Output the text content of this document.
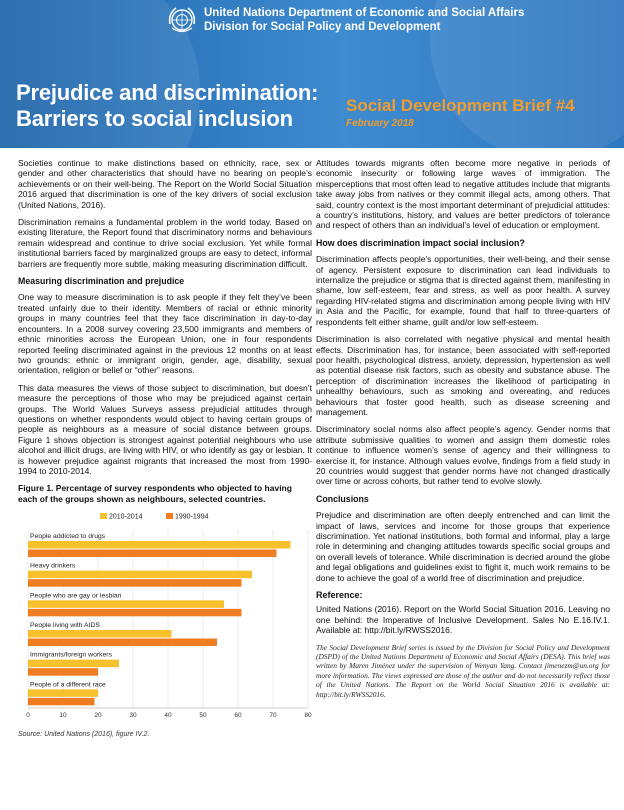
United Nations Department of Economic and Social Affairs
Division for Social Policy and Development
Prejudice and discrimination:
Barriers to social inclusion
Social Development Brief #4
February 2018

Societies continue to make distinctions based on ethnicity, race, sex or gender and other characteristics that should have no bearing on people’s achievements or on their well-being. The Report on the World Social Situation 2016 argued that discrimination is one of the key drivers of social exclusion (United Nations, 2016).

Discrimination remains a fundamental problem in the world today. Based on existing literature, the Report found that discriminatory norms and behaviours remain widespread and continue to drive social exclusion. Yet while formal institutional barriers faced by marginalized groups are easy to detect, informal barriers are frequently more subtle, making measuring discrimination difficult.

Measuring discrimination and prejudice

One way to measure discrimination is to ask people if they felt they’ve been treated unfairly due to their identity. Members of racial or ethnic minority groups in many countries feel that they face discrimination in day-to-day encounters. In a 2008 survey covering 23,500 immigrants and members of ethnic minorities across the European Union, one in four respondents reported feeling discriminated against in the previous 12 months on at least two grounds: ethnic or immigrant origin, gender, age, disability, sexual orientation, religion or belief or “other” reasons.

This data measures the views of those subject to discrimination, but doesn’t measure the perceptions of those who may be prejudiced against certain groups. The World Values Surveys assess prejudicial attitudes through questions on whether respondents would object to having certain groups of people as neighbours as a measure of social distance between groups. Figure 1 shows objection is strongest against potential neighbours who use alcohol and illicit drugs, are living with HIV, or who identify as gay or lesbian. It is however prejudice against migrants that increased the most from 1990-1994 to 2010-2014.

Figure 1. Percentage of survey respondents who objected to having each of the groups shown as neighbours, selected countries.
0	10	20	30	40	50	60	70	80
2010-2014	1990-1994
People addicted to drugs
Heavy drinkers
People who are gay or lesbian
People living with AIDS
Immigrants/foreign workers
People of a different race
Source: United Nations (2016), figure IV.2.

Attitudes towards migrants often become more negative in periods of economic insecurity or following large waves of immigration. The misperceptions that most often lead to negative attitudes include that migrants take away jobs from natives or they commit illegal acts, among others. That said, country context is the most important determinant of prejudicial attitudes: a country’s institutions, history, and values are better predictors of tolerance and respect of others than an individual’s level of education or employment.

How does discrimination impact social inclusion?

Discrimination affects people’s opportunities, their well-being, and their sense of agency. Persistent exposure to discrimination can lead individuals to internalize the prejudice or stigma that is directed against them, manifesting in shame, low self-esteem, fear and stress, as well as poor health. A survey regarding HIV-related stigma and discrimination among people living with HIV in Asia and the Pacific, for example, found that half to three-quarters of respondents felt either shame, guilt and/or low self-esteem.

Discrimination is also correlated with negative physical and mental health effects. Discrimination has, for instance, been associated with self-reported poor health, psychological distress, anxiety, depression, hypertension as well as potential disease risk factors, such as obesity and substance abuse. The perception of discrimination increases the likelihood of participating in unhealthy behaviours, such as smoking and overeating, and reduces behaviours that foster good health, such as disease screening and management.

Discriminatory social norms also affect people’s agency. Gender norms that attribute submissive qualities to women and assign them domestic roles continue to influence women’s sense of agency and their willingness to exercise it, for instance. Although values evolve, findings from a field study in 20 countries would suggest that gender norms have not changed drastically over time or across cohorts, but rather tend to evolve slowly.

Conclusions

Prejudice and discrimination are often deeply entrenched and can limit the impact of laws, services and income for those groups that experience discrimination. Yet national institutions, both formal and informal, play a large role in determining and changing attitudes towards specific social groups and on overall levels of tolerance. While discrimination is decried around the globe and legal obligations and guidelines exist to fight it, much work remains to be done to achieve the goal of a world free of discrimination and prejudice.

Reference:

United Nations (2016). Report on the World Social Situation 2016. Leaving no one behind: the Imperative of Inclusive Development. Sales No E.16.IV.1. Available at: http://bit.ly/RWSS2016.

The Social Development Brief series is issued by the Division for Social Policy and Development (DSPD) of the United Nations Department of Economic and Social Affairs (DESA). This brief was written by Maren Jiménez under the supervision of Wenyan Yang. Contact jimenezm@un.org for more information. The views expressed are those of the author and do not necessarily reflect those of the United Nations. The Report on the World Social Situation 2016 is available at: http://bit.ly/RWSS2016.
